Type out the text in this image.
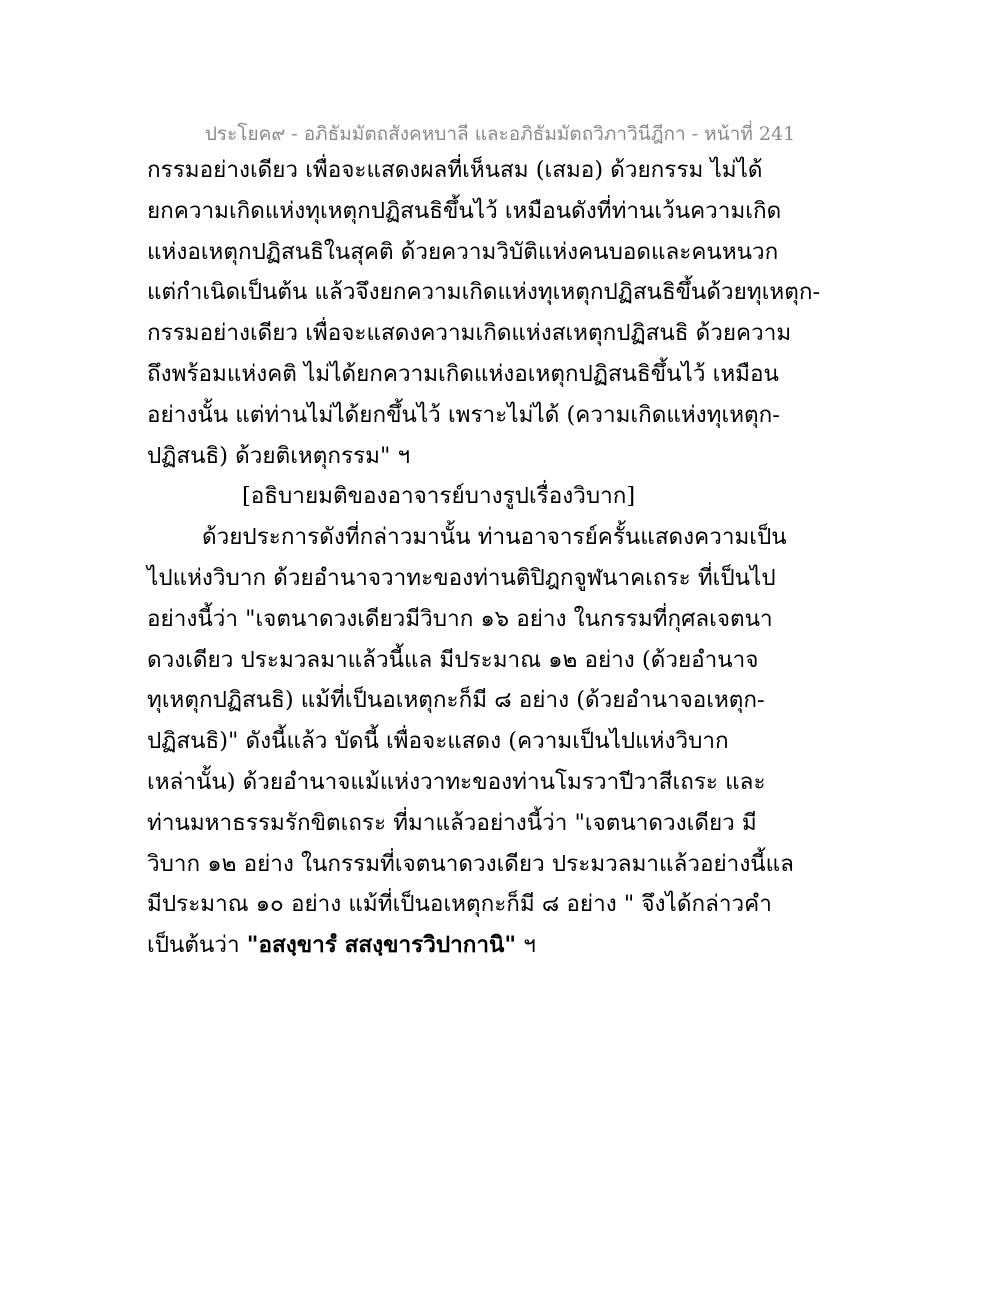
ประโยค๙ - อภิธัมมัตถสังคหบาลี และอภิธัมมัตถวิภาวินีฎีกา - หน้าที่ 241
กรรมอย่างเดียว เพื่อจะแสดงผลที่เห็นสม (เสมอ) ด้วยกรรม ไม่ได้
ยกความเกิดแห่งทุเหตุกปฏิสนธิขึ้นไว้ เหมือนดังที่ท่านเว้นความเกิด
แห่งอเหตุกปฏิสนธิในสุคติ ด้วยความวิบัติแห่งคนบอดและคนหนวก
แต่กำเนิดเป็นต้น แล้วจึงยกความเกิดแห่งทุเหตุกปฏิสนธิขึ้นด้วยทุเหตุก-
กรรมอย่างเดียว เพื่อจะแสดงความเกิดแห่งสเหตุกปฏิสนธิ ด้วยความ
ถึงพร้อมแห่งคติ ไม่ได้ยกความเกิดแห่งอเหตุกปฏิสนธิขึ้นไว้ เหมือน
อย่างนั้น แต่ท่านไม่ได้ยกขึ้นไว้ เพราะไม่ได้ (ความเกิดแห่งทุเหตุก-
ปฏิสนธิ) ด้วยติเหตุกรรม" ฯ
[อธิบายมติของอาจารย์บางรูปเรื่องวิบาก]
ด้วยประการดังที่กล่าวมานั้น ท่านอาจารย์ครั้นแสดงความเป็น
ไปแห่งวิบาก ด้วยอำนาจวาทะของท่านติปิฎกจูฬนาคเถระ ที่เป็นไป
อย่างนี้ว่า "เจตนาดวงเดียวมีวิบาก ๑๖ อย่าง ในกรรมที่กุศลเจตนา
ดวงเดียว ประมวลมาแล้วนี้แล มีประมาณ ๑๒ อย่าง (ด้วยอำนาจ
ทุเหตุกปฏิสนธิ) แม้ที่เป็นอเหตุกะก็มี ๘ อย่าง (ด้วยอำนาจอเหตุก-
ปฏิสนธิ)" ดังนี้แล้ว บัดนี้ เพื่อจะแสดง (ความเป็นไปแห่งวิบาก
เหล่านั้น) ด้วยอำนาจแม้แห่งวาทะของท่านโมรวาปีวาสีเถระ และ
ท่านมหาธรรมรักขิตเถระ ที่มาแล้วอย่างนี้ว่า "เจตนาดวงเดียว มี
วิบาก ๑๒ อย่าง ในกรรมที่เจตนาดวงเดียว ประมวลมาแล้วอย่างนี้แล
มีประมาณ ๑๐ อย่าง แม้ที่เป็นอเหตุกะก็มี ๘ อย่าง " จึงได้กล่าวคำ
เป็นต้นว่า "อสงฺขารํ สสงฺขารวิปากานิ" ฯ
